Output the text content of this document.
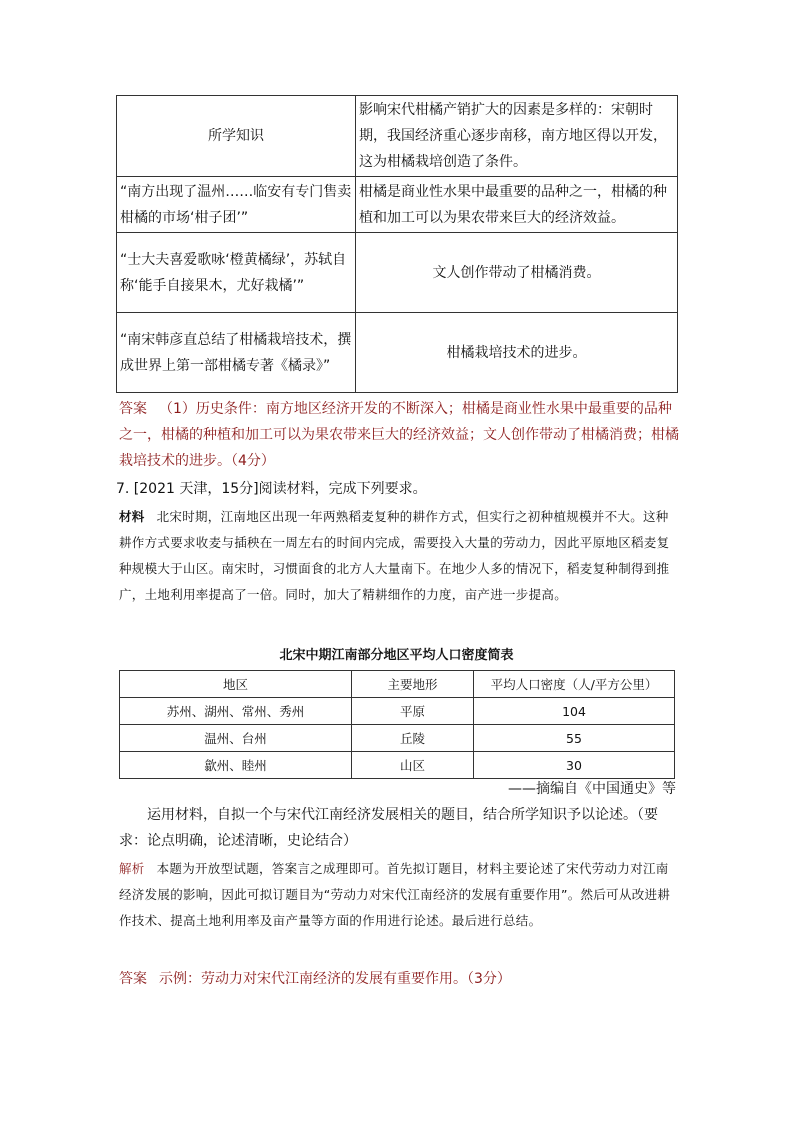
所学知识	影响宋代柑橘产销扩大的因素是多样的：宋朝时期，我国经济重心逐步南移，南方地区得以开发，这为柑橘栽培创造了条件。
“南方出现了温州……临安有专门售卖柑橘的市场‘柑子团’”	柑橘是商业性水果中最重要的品种之一，柑橘的种植和加工可以为果农带来巨大的经济效益。
“士大夫喜爱歌咏‘橙黄橘绿’，苏轼自称‘能手自接果木，尤好栽橘’”	文人创作带动了柑橘消费。
“南宋韩彦直总结了柑橘栽培技术，撰成世界上第一部柑橘专著《橘录》”	柑橘栽培技术的进步。
答案 （1）历史条件：南方地区经济开发的不断深入；柑橘是商业性水果中最重要的品种之一，柑橘的种植和加工可以为果农带来巨大的经济效益；文人创作带动了柑橘消费；柑橘栽培技术的进步。（4分）
7. [2021 天津，15分]阅读材料，完成下列要求。
材料 北宋时期，江南地区出现一年两熟稻麦复种的耕作方式，但实行之初种植规模并不大。这种耕作方式要求收麦与插秧在一周左右的时间内完成，需要投入大量的劳动力，因此平原地区稻麦复种规模大于山区。南宋时，习惯面食的北方人大量南下。在地少人多的情况下，稻麦复种制得到推广，土地利用率提高了一倍。同时，加大了精耕细作的力度，亩产进一步提高。
北宋中期江南部分地区平均人口密度简表
地区	主要地形	平均人口密度（人/平方公里）
苏州、湖州、常州、秀州	平原	104
温州、台州	丘陵	55
歙州、睦州	山区	30
——摘编自《中国通史》等
运用材料，自拟一个与宋代江南经济发展相关的题目，结合所学知识予以论述。（要求：论点明确，论述清晰，史论结合）
解析 本题为开放型试题，答案言之成理即可。首先拟订题目，材料主要论述了宋代劳动力对江南经济发展的影响，因此可拟订题目为“劳动力对宋代江南经济的发展有重要作用”。然后可从改进耕作技术、提高土地利用率及亩产量等方面的作用进行论述。最后进行总结。
答案 示例：劳动力对宋代江南经济的发展有重要作用。（3分）
